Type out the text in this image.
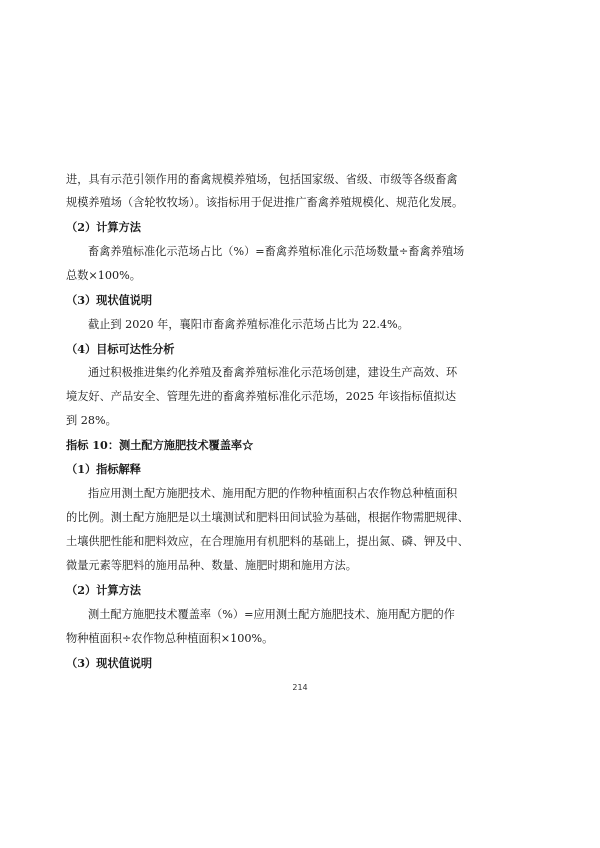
进，具有示范引领作用的畜禽规模养殖场，包括国家级、省级、市级等各级畜禽
规模养殖场（含轮牧牧场）。该指标用于促进推广畜禽养殖规模化、规范化发展。
（2）计算方法
畜禽养殖标准化示范场占比（%）=畜禽养殖标准化示范场数量÷畜禽养殖场
总数×100%。
（3）现状值说明
截止到 2020 年，襄阳市畜禽养殖标准化示范场占比为 22.4%。
（4）目标可达性分析
通过积极推进集约化养殖及畜禽养殖标准化示范场创建，建设生产高效、环
境友好、产品安全、管理先进的畜禽养殖标准化示范场，2025 年该指标值拟达
到 28%。
指标 10：测土配方施肥技术覆盖率☆
（1）指标解释
指应用测土配方施肥技术、施用配方肥的作物种植面积占农作物总种植面积
的比例。测土配方施肥是以土壤测试和肥料田间试验为基础，根据作物需肥规律、
土壤供肥性能和肥料效应，在合理施用有机肥料的基础上，提出氮、磷、钾及中、
微量元素等肥料的施用品种、数量、施肥时期和施用方法。
（2）计算方法
测土配方施肥技术覆盖率（%）=应用测土配方施肥技术、施用配方肥的作
物种植面积÷农作物总种植面积×100%。
（3）现状值说明
214
